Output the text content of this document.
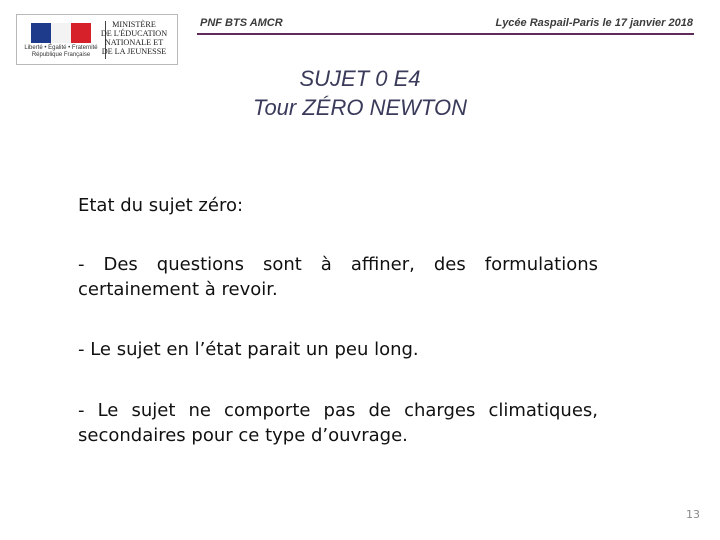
Liberté • Égalité • Fraternité
République Française
MINISTÈRE
DE L'ÉDUCATION
NATIONALE ET
DE LA JEUNESSE
PNF BTS AMCR	Lycée Raspail-Paris le 17 janvier 2018
SUJET 0 E4
Tour ZÉRO NEWTON
Etat du sujet zéro:
- Des questions sont à affiner, des formulations
certainement à revoir.
- Le sujet en l’état parait un peu long.
- Le sujet ne comporte pas de charges climatiques,
secondaires pour ce type d’ouvrage.
13
